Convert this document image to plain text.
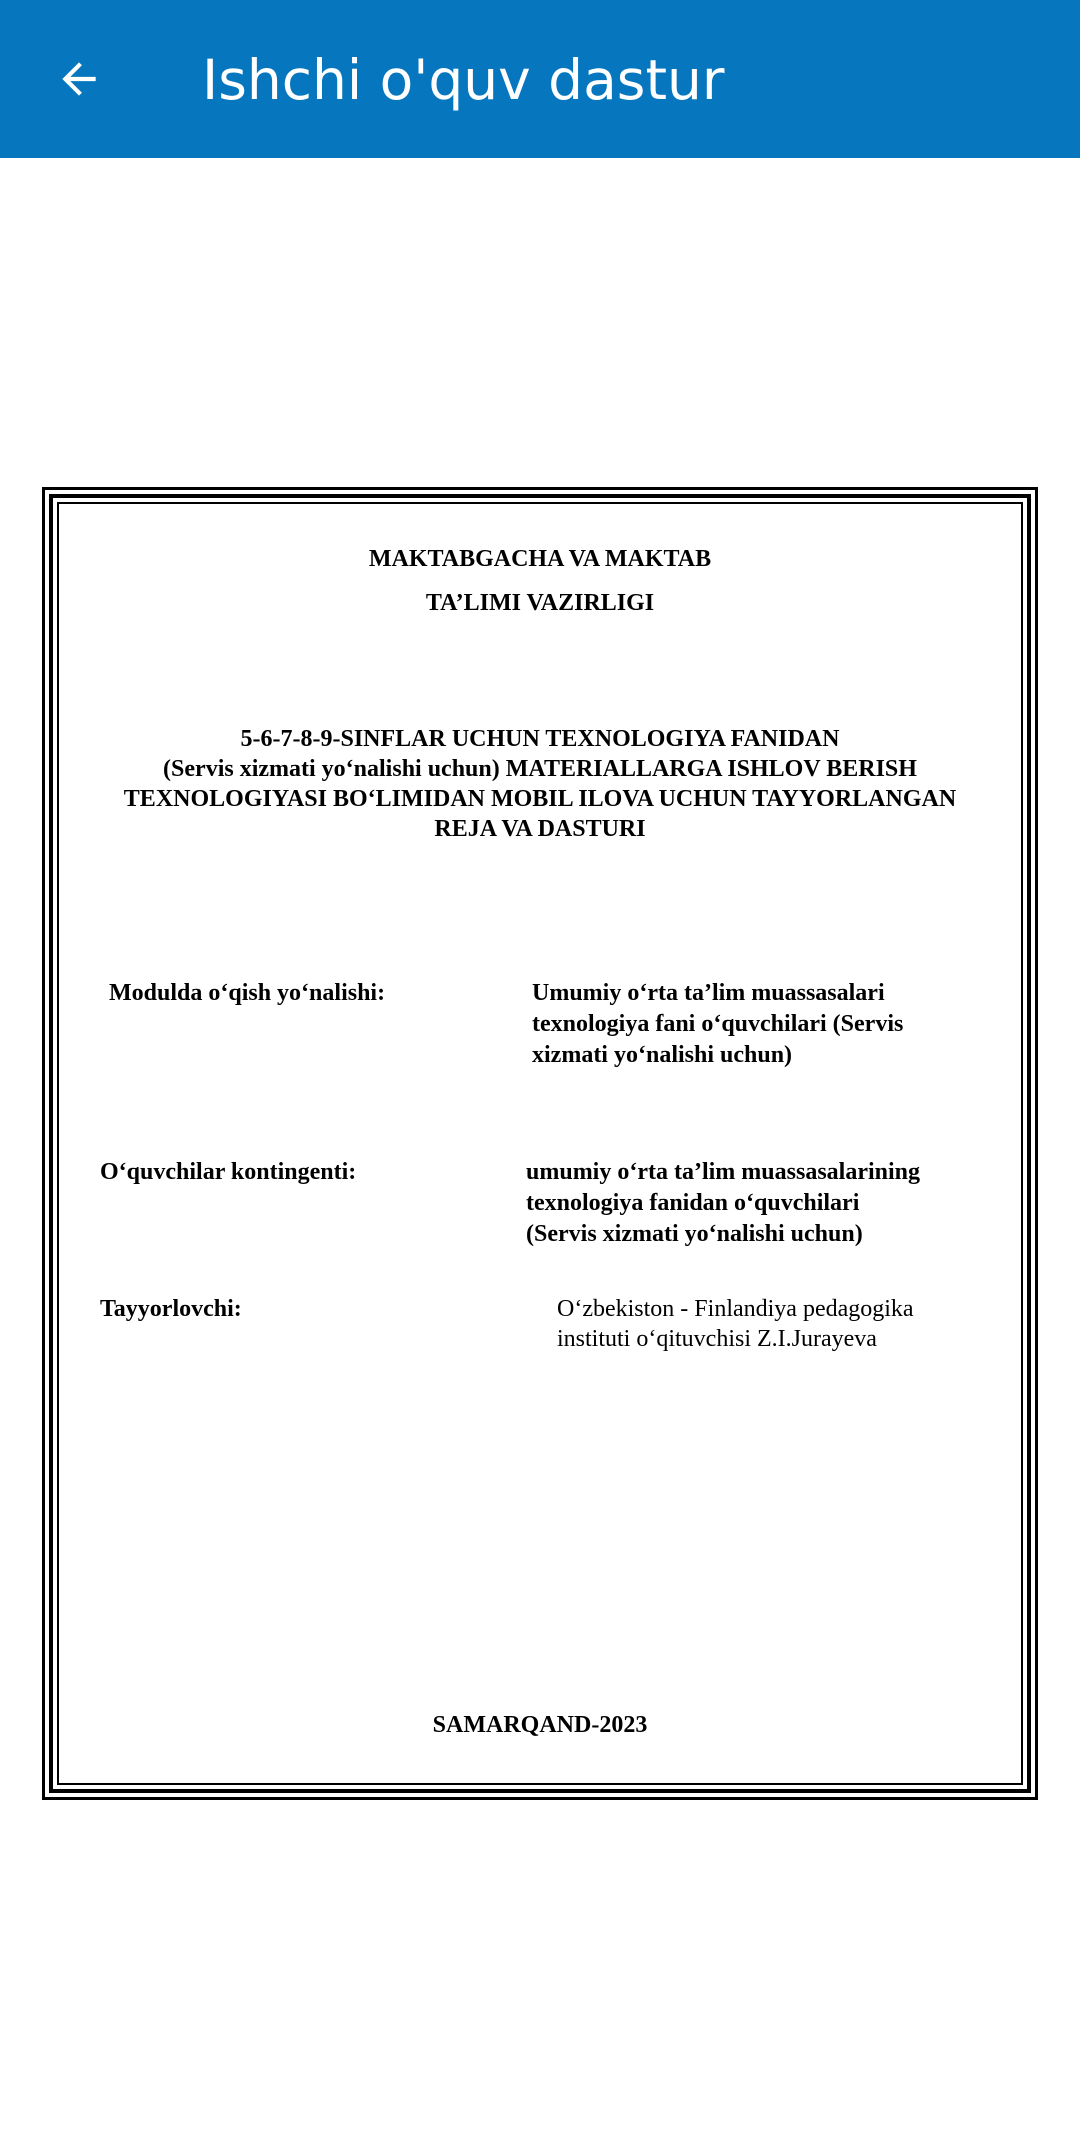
Ishchi o'quv dastur
MAKTABGACHA VA MAKTAB
TA’LIMI VAZIRLIGI
5-6-7-8-9-SINFLAR UCHUN TEXNOLOGIYA FANIDAN
(Servis xizmati yo‘nalishi uchun) MATERIALLARGA ISHLOV BERISH
TEXNOLOGIYASI BO‘LIMIDAN MOBIL ILOVA UCHUN TAYYORLANGAN
REJA VA DASTURI
Modulda o‘qish yo‘nalishi:	Umumiy o‘rta ta’lim muassasalari
texnologiya fani o‘quvchilari (Servis
xizmati yo‘nalishi uchun)
O‘quvchilar kontingenti:	umumiy o‘rta ta’lim muassasalarining
texnologiya fanidan o‘quvchilari
(Servis xizmati yo‘nalishi uchun)
Tayyorlovchi:	O‘zbekiston - Finlandiya pedagogika
instituti o‘qituvchisi Z.I.Jurayeva
SAMARQAND-2023
